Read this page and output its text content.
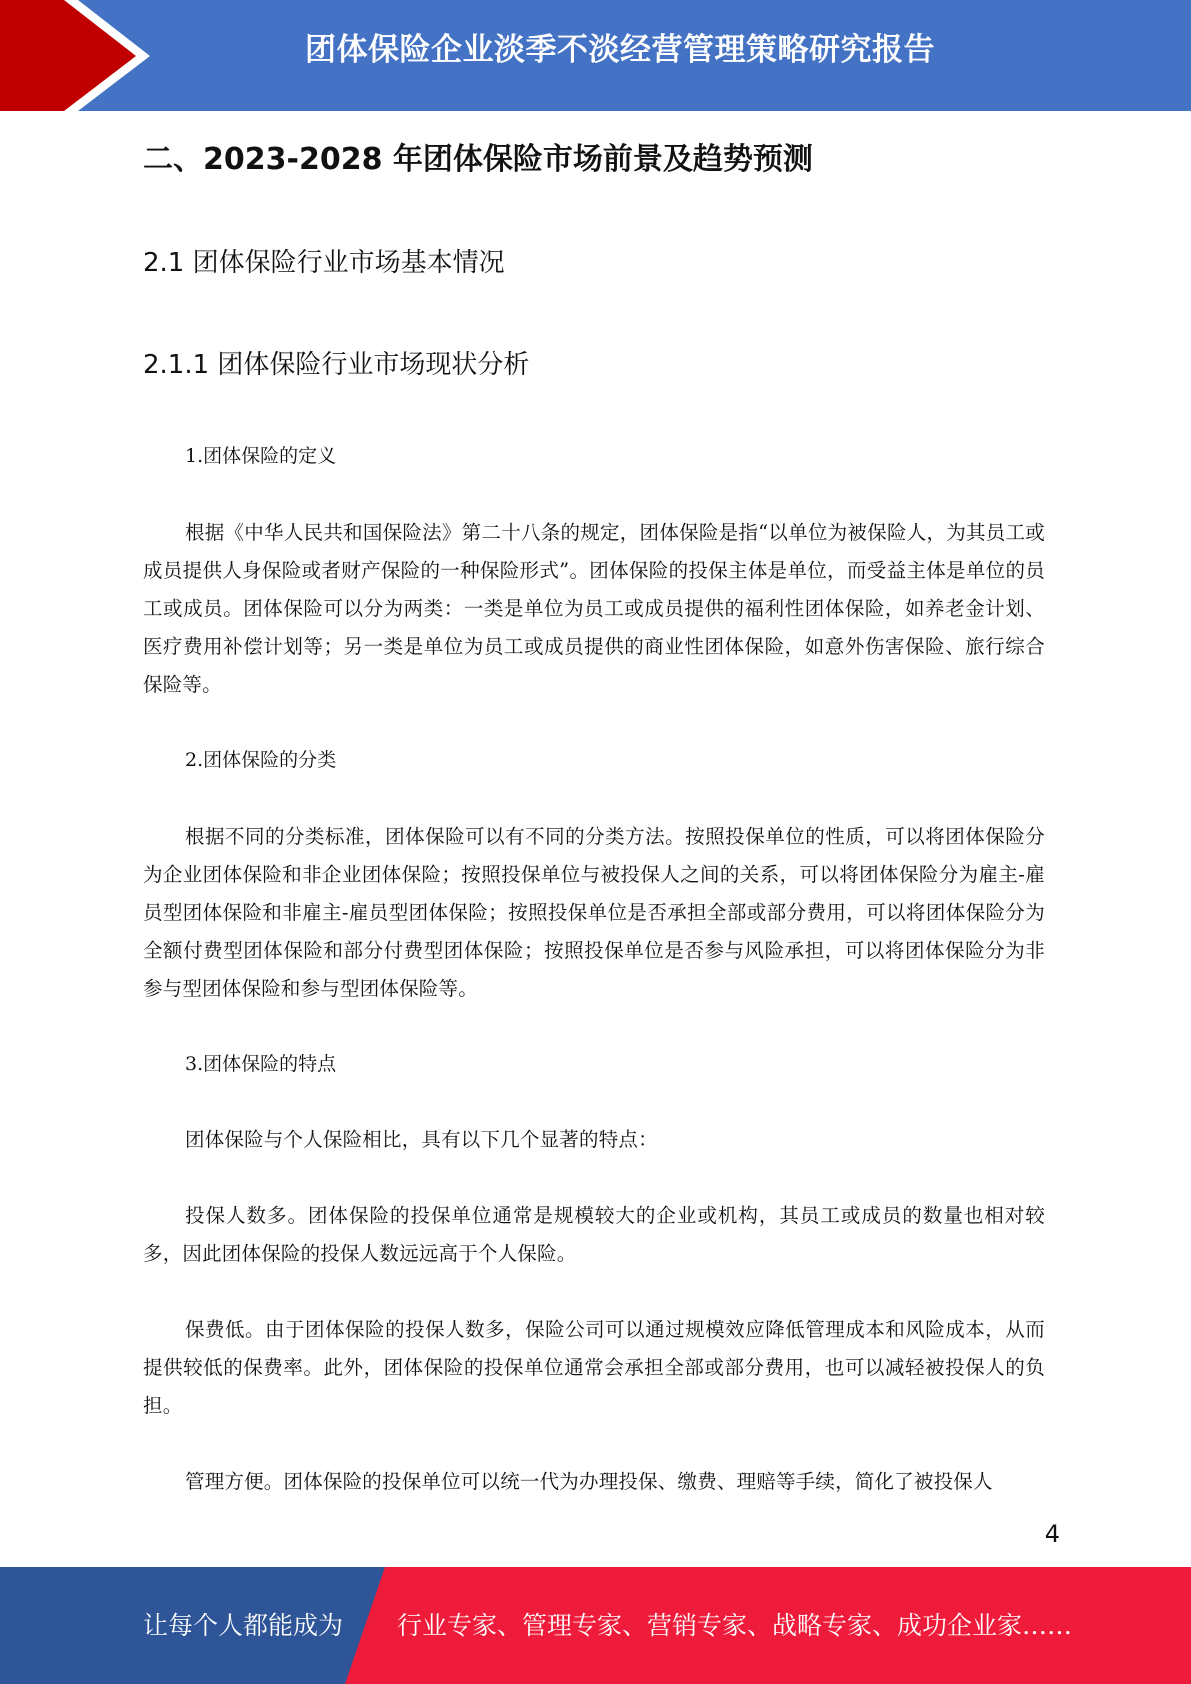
团体保险企业淡季不淡经营管理策略研究报告
二、2023-2028 年团体保险市场前景及趋势预测
2.1 团体保险行业市场基本情况
2.1.1 团体保险行业市场现状分析
1.团体保险的定义
根据《中华人民共和国保险法》第二十八条的规定，团体保险是指“以单位为被保险人，为其员工或成员提供人身保险或者财产保险的一种保险形式”。团体保险的投保主体是单位，而受益主体是单位的员工或成员。团体保险可以分为两类：一类是单位为员工或成员提供的福利性团体保险，如养老金计划、医疗费用补偿计划等；另一类是单位为员工或成员提供的商业性团体保险，如意外伤害保险、旅行综合保险等。
2.团体保险的分类
根据不同的分类标准，团体保险可以有不同的分类方法。按照投保单位的性质，可以将团体保险分为企业团体保险和非企业团体保险；按照投保单位与被投保人之间的关系，可以将团体保险分为雇主-雇员型团体保险和非雇主-雇员型团体保险；按照投保单位是否承担全部或部分费用，可以将团体保险分为全额付费型团体保险和部分付费型团体保险；按照投保单位是否参与风险承担，可以将团体保险分为非参与型团体保险和参与型团体保险等。
3.团体保险的特点
团体保险与个人保险相比，具有以下几个显著的特点：
投保人数多。团体保险的投保单位通常是规模较大的企业或机构，其员工或成员的数量也相对较多，因此团体保险的投保人数远远高于个人保险。
保费低。由于团体保险的投保人数多，保险公司可以通过规模效应降低管理成本和风险成本，从而提供较低的保费率。此外，团体保险的投保单位通常会承担全部或部分费用，也可以减轻被投保人的负担。
管理方便。团体保险的投保单位可以统一代为办理投保、缴费、理赔等手续，简化了被投保人
4
让每个人都能成为 行业专家、管理专家、营销专家、战略专家、成功企业家……
